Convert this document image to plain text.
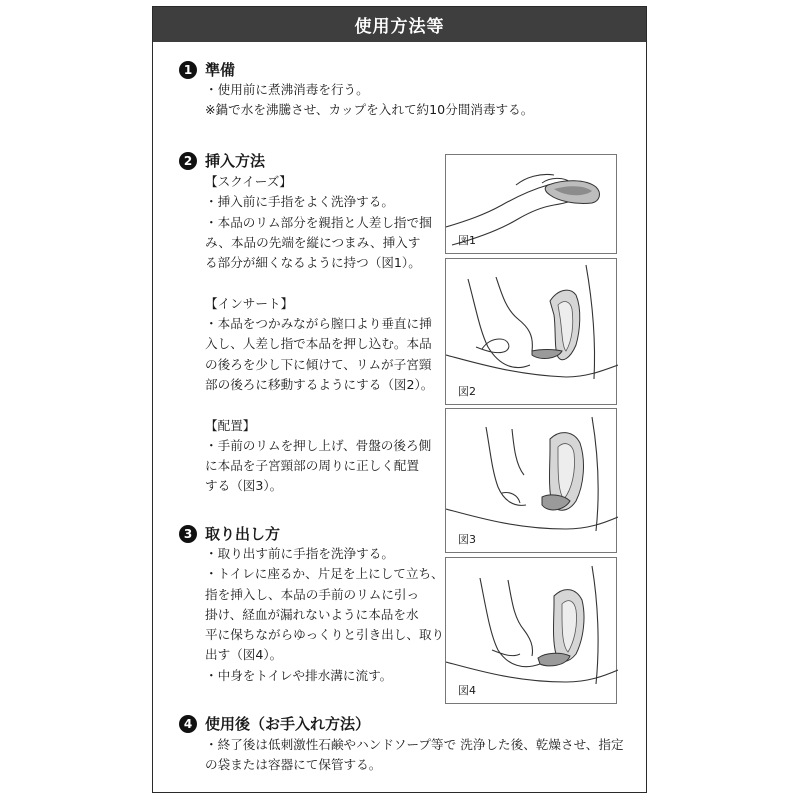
使用方法等
1 準備
・使用前に煮沸消毒を行う。
※鍋で水を沸騰させ、カップを入れて約10分間消毒する。
2 挿入方法
【スクイーズ】
・挿入前に手指をよく洗浄する。
・本品のリム部分を親指と人差し指で掴
み、本品の先端を縦につまみ、挿入す
る部分が細くなるように持つ（図1）。
【インサート】
・本品をつかみながら膣口より垂直に挿
入し、人差し指で本品を押し込む。本品
の後ろを少し下に傾けて、リムが子宮頸
部の後ろに移動するようにする（図2）。
【配置】
・手前のリムを押し上げ、骨盤の後ろ側
に本品を子宮頸部の周りに正しく配置
する（図3）。
3 取り出し方
・取り出す前に手指を洗浄する。
・トイレに座るか、片足を上にして立ち、
指を挿入し、本品の手前のリムに引っ
掛け、経血が漏れないように本品を水
平に保ちながらゆっくりと引き出し、取り
出す（図4）。
・中身をトイレや排水溝に流す。
4 使用後（お手入れ方法）
・終了後は低刺激性石鹸やハンドソープ等で 洗浄した後、乾燥させ、指定
の袋または容器にて保管する。
図1
図2
図3
図4
